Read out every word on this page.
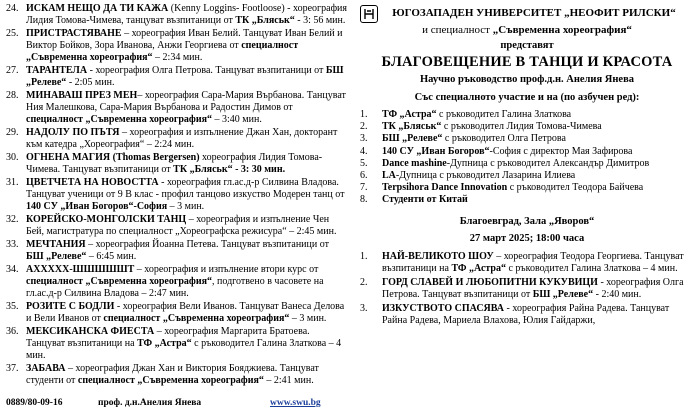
24. ИСКАМ НЕЩО ДА ТИ КАЖА (Kenny Loggins- Footloose) - хореография Лидия Томова-Чимева, танцуват възпитаници от ТК „Бляськ“ - 3: 56 мин.
25. ПРИСТРАСТЯВАНЕ – хореография Иван Белий. Танцуват Иван Белий и Виктор Бойков, Зора Иванова, Анжи Георгиева от специалност „Съвременна хореография“ – 2:34 мин.
27. ТАРАНТЕЛА - хореография Олга Петрова. Танцуват възпитаници от БШ „Релеве“ - 2:05 мин.
28. МИНАВАШ ПРЕЗ МЕН– хореография Сара-Мария Върбанова. Танцуват Ния Малешкова, Сара-Мария Върбанова и Радостин Димов от специалност „Съвременна хореография“ – 3:40 мин.
29. НАДОЛУ ПО ПЪТЯ – хореография и изпълнение Джан Хан, докторант към катедра „Хореография“ – 2:24 мин.
30. ОГНЕНА МАГИЯ (Thomas Bergersen) хореография Лидия Томова-Чимева. Танцуват възпитаници от ТК „Бляськ“ - 3: 30 мин.
31. ЦВЕТЧЕТА НА НОВОСТТА - хореография гл.ас.д-р Силвина Владова. Танцуват ученици от 9 В клас - профил танцово изкуство Модерен танц от 140 СУ „Иван Богоров“-София – 3 мин.
32. КОРЕЙСКО-МОНГОЛСКИ ТАНЦ – хореография и изпълнение Чен Бей, магистратура по специалност „Хореографска режисура“ – 2:45 мин.
33. МЕЧТАНИЯ – хореография Йоанна Петева. Танцуват възпитаници от БШ „Релеве“ – 6:45 мин.
34. АХХХХХ-ШШШШШТ – хореография и изпълнение втори курс от специалност „Съвременна хореография“, подготвено в часовете на гл.ас.д-р Силвина Владова – 2:47 мин.
35. РОЗИТЕ С БОДЛИ - хореография Вели Иванов. Танцуват Ванеса Делова и Вели Иванов от специалност „Съвременна хореография“ – 3 мин.
36. МЕКСИКАНСКА ФИЕСТА – хореография Маргарита Братоева. Танцуват възпитаници на ТФ „Астра“ с ръководител Галина Златкова – 4 мин.
37. ЗАБАВА – хореография Джан Хан и Виктория Бояджиева. Танцуват студенти от специалност „Съвременна хореография“ – 2:41 мин.
0889/80-09-16	проф. д.н.Анелия Янева	www.swu.bg
ЮГОЗАПАДЕН УНИВЕРСИТЕТ „НЕОФИТ РИЛСКИ“
и специалност „Съвременна хореография“
представят
БЛАГОВЕЩЕНИЕ В ТАНЦИ И КРАСОТА
Научно ръководство проф.д.н. Анелия Янева
Със специалното участие и на (по азбучен ред):
1.	ТФ „Астра“ с ръководител Галина Златкова
2.	ТК „Бляськ“ с ръководител Лидия Томова-Чимева
3.	БШ „Релеве“ с ръководител Олга Петрова
4.	140 СУ „Иван Богоров“-София с директор Мая Зафирова
5.	Dance mashine-Дупница с ръководител Александър Димитров
6.	LA-Дупница с ръководител Лазарина Илиева
7.	Terpsihora Dance Innovation с ръководител Теодора Байчева
8.	Студенти от Китай
Благоевград, Зала „Яворов“
27 март 2025; 18:00 часа
1.	НАЙ-ВЕЛИКОТО ШОУ – хореография Теодора Георгиева. Танцуват възпитаници на ТФ „Астра“ с ръководител Галина Златкова – 4 мин.
2.	ГОРД СЛАВЕЙ И ЛЮБОПИТНИ КУКУВИЦИ - хореография Олга Петрова. Танцуват възпитаници от БШ „Релеве“ - 2:40 мин.
3.	ИЗКУСТВОТО СПАСЯВА - хореография Райна Радева. Танцуват Райна Радева, Мариела Влахова, Юлия Гайдаржи,
